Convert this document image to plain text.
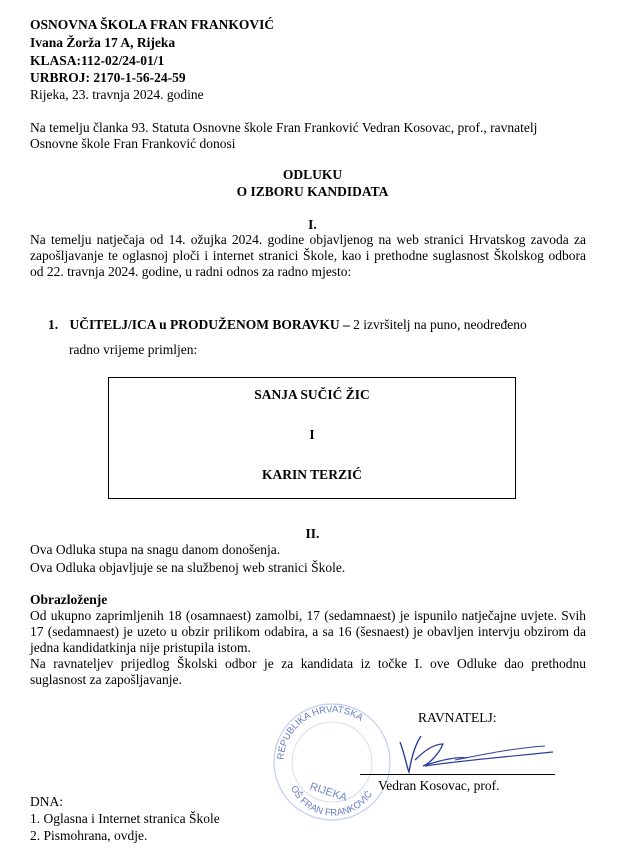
OSNOVNA ŠKOLA FRAN FRANKOVIĆ
Ivana Žorža 17 A, Rijeka
KLASA:112-02/24-01/1
URBROJ: 2170-1-56-24-59
Rijeka, 23. travnja 2024. godine
Na temelju članka 93. Statuta Osnovne škole Fran Franković Vedran Kosovac, prof., ravnatelj Osnovne škole Fran Franković donosi
ODLUKU
O IZBORU KANDIDATA
I.
Na temelju natječaja od 14. ožujka 2024. godine objavljenog na web stranici Hrvatskog zavoda za zapošljavanje te oglasnoj ploči i internet stranici Škole, kao i prethodne suglasnost Školskog odbora od 22. travnja 2024. godine, u radni odnos za radno mjesto:
1. UČITELJ/ICA u PRODUŽENOM BORAVKU – 2 izvršitelj na puno, neodređeno
radno vrijeme primljen:
SANJA SUČIĆ ŽIC
I
KARIN TERZIĆ
II.
Ova Odluka stupa na snagu danom donošenja.
Ova Odluka objavljuje se na službenoj web stranici Škole.
Obrazloženje

Od ukupno zaprimljenih 18 (osamnaest) zamolbi, 17 (sedamnaest) je ispunilo natječajne uvjete. Svih 17 (sedamnaest) je uzeto u obzir prilikom odabira, a sa 16 (šesnaest) je obavljen intervju obzirom da jedna kandidatkinja nije pristupila istom.

Na ravnateljev prijedlog Školski odbor je za kandidata iz točke I. ove Odluke dao prethodnu suglasnost za zapošljavanje.

REPUBLIKA HRVATSKA
OŠ FRAN FRANKOVIĆ
RIJEKA
RAVNATELJ:
Vedran Kosovac, prof.
DNA:
1. Oglasna i Internet stranica Škole
2. Pismohrana, ovdje.
